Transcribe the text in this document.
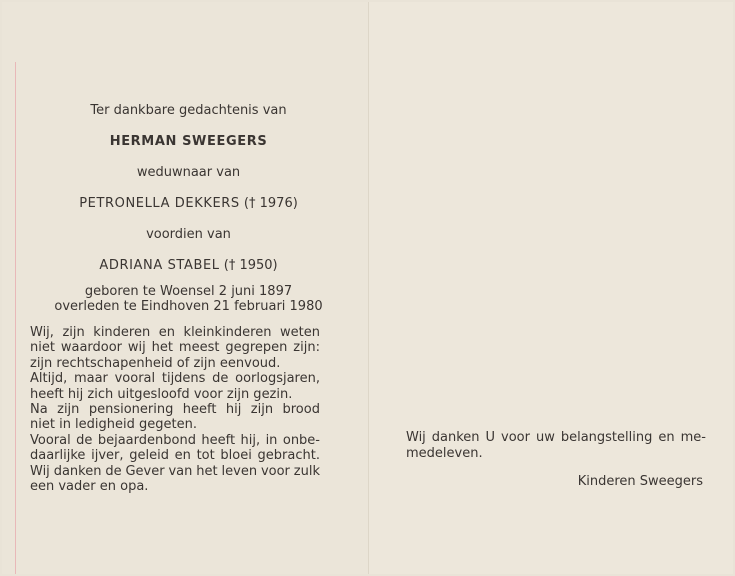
Ter dankbare gedachtenis van
HERMAN SWEEGERS
weduwnaar van
PETRONELLA DEKKERS († 1976)
voordien van
ADRIANA STABEL († 1950)
geboren te Woensel 2 juni 1897
overleden te Eindhoven 21 februari 1980
Wij, zijn kinderen en kleinkinderen weten
niet waardoor wij het meest gegrepen zijn:
zijn rechtschapenheid of zijn eenvoud.
Altijd, maar vooral tijdens de oorlogsjaren,
heeft hij zich uitgesloofd voor zijn gezin.
Na zijn pensionering heeft hij zijn brood
niet in ledigheid gegeten.
Vooral de bejaardenbond heeft hij, in onbe-
daarlijke ijver, geleid en tot bloei gebracht.
Wij danken de Gever van het leven voor zulk
een vader en opa.
Wij danken U voor uw belangstelling en me-
medeleven.
Kinderen Sweegers
